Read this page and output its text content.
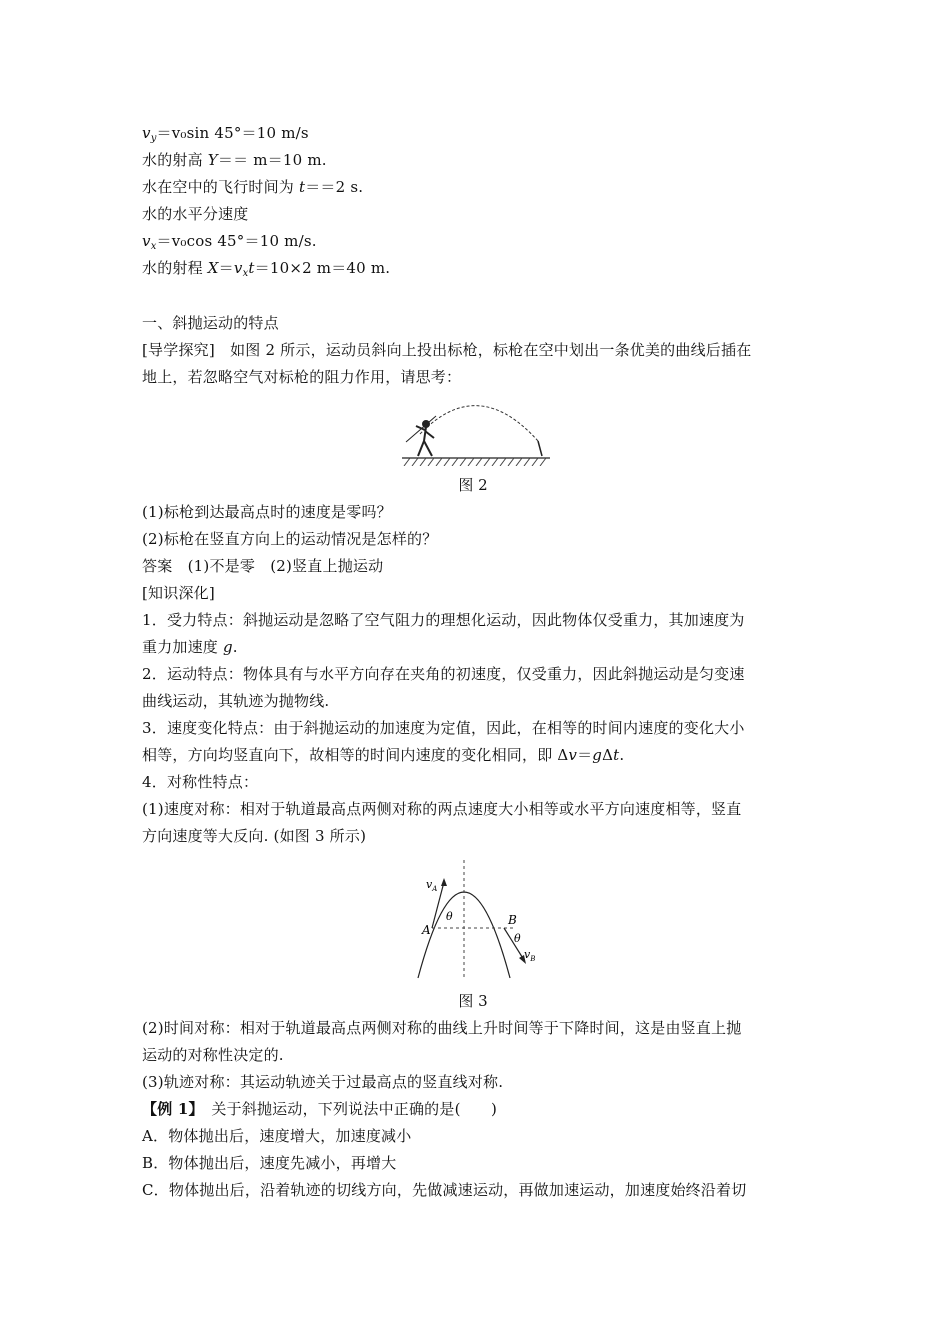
$v_y=v_0\sin$ 45°＝10 m/s
水的射高 Y＝＝ m＝10 m.
水在空中的飞行时间为 t＝＝2 s.
水的水平分速度
$v_x=v_0\cos$ 45°＝10 m/s.
水的射程 $X=v_xt=10\times 2$ m＝40 m.
一、斜抛运动的特点
[导学探究]　如图 2 所示，运动员斜向上投出标枪，标枪在空中划出一条优美的曲线后插在
地上，若忽略空气对标枪的阻力作用，请思考：
图 2
(1)标枪到达最高点时的速度是零吗？
(2)标枪在竖直方向上的运动情况是怎样的？
答案　(1)不是零　(2)竖直上抛运动
[知识深化]
1．受力特点：斜抛运动是忽略了空气阻力的理想化运动，因此物体仅受重力，其加速度为
重力加速度 g.
2．运动特点：物体具有与水平方向存在夹角的初速度，仅受重力，因此斜抛运动是匀变速
曲线运动，其轨迹为抛物线.
3．速度变化特点：由于斜抛运动的加速度为定值，因此，在相等的时间内速度的变化大小
相等，方向均竖直向下，故相等的时间内速度的变化相同，即 Δv＝gΔt.
4．对称性特点：
(1)速度对称：相对于轨道最高点两侧对称的两点速度大小相等或水平方向速度相等，竖直
方向速度等大反向. (如图 3 所示)
$v_A$
A
θ	B
θ
$v_B$
图 3
(2)时间对称：相对于轨道最高点两侧对称的曲线上升时间等于下降时间，这是由竖直上抛
运动的对称性决定的.
(3)轨迹对称：其运动轨迹关于过最高点的竖直线对称.
【例 1】　关于斜抛运动，下列说法中正确的是(　　)
A．物体抛出后，速度增大，加速度减小
B．物体抛出后，速度先减小，再增大
C．物体抛出后，沿着轨迹的切线方向，先做减速运动，再做加速运动，加速度始终沿着切
